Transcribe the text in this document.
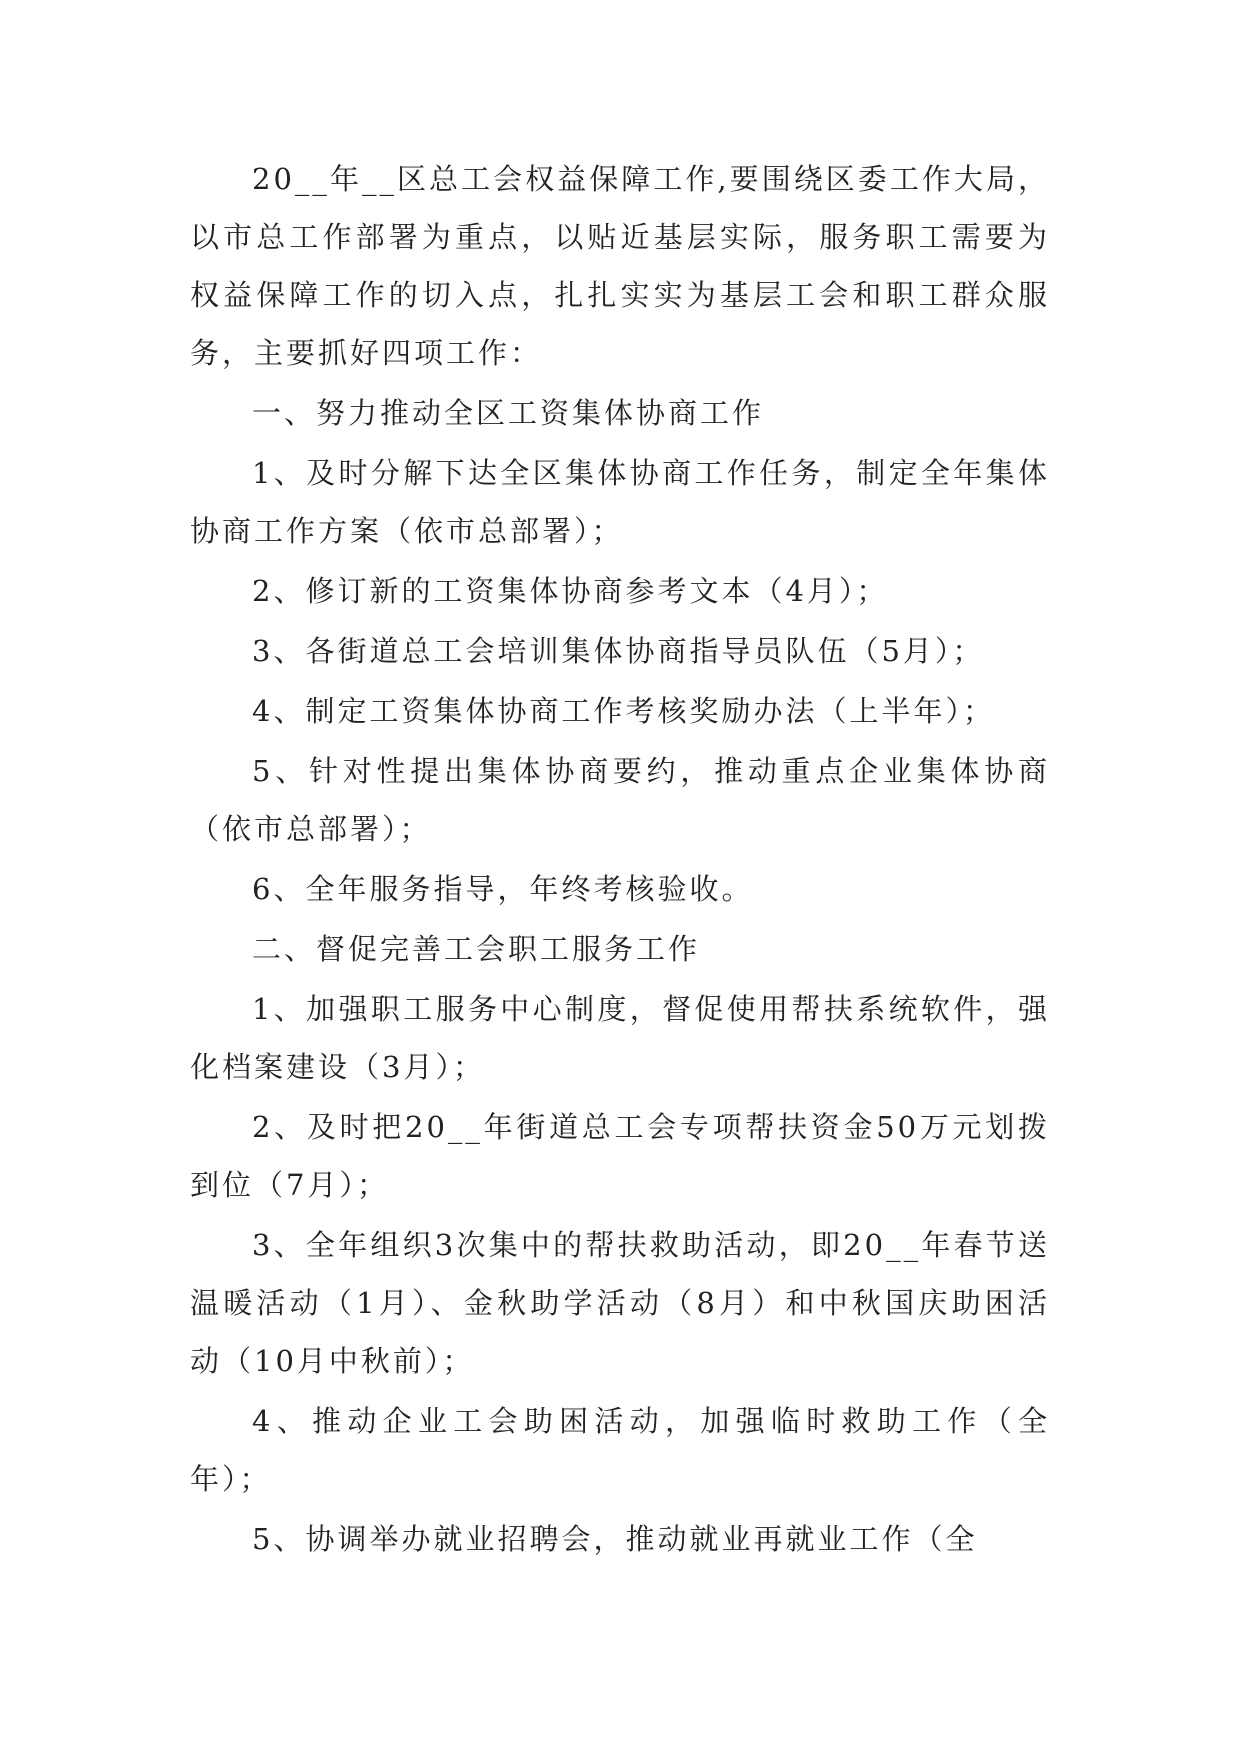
20__年__区总工会权益保障工作,要围绕区委工作大局，以市总工作部署为重点，以贴近基层实际，服务职工需要为权益保障工作的切入点，扎扎实实为基层工会和职工群众服务，主要抓好四项工作：

一、努力推动全区工资集体协商工作

1、及时分解下达全区集体协商工作任务，制定全年集体协商工作方案（依市总部署）；

2、修订新的工资集体协商参考文本（4月）；

3、各街道总工会培训集体协商指导员队伍（5月）；

4、制定工资集体协商工作考核奖励办法（上半年）；

5、针对性提出集体协商要约，推动重点企业集体协商（依市总部署）；

6、全年服务指导，年终考核验收。

二、督促完善工会职工服务工作

1、加强职工服务中心制度，督促使用帮扶系统软件，强化档案建设（3月）；

2、及时把20__年街道总工会专项帮扶资金50万元划拨到位（7月）；

3、全年组织3次集中的帮扶救助活动，即20__年春节送温暖活动（1月）、金秋助学活动（8月）和中秋国庆助困活动（10月中秋前）；

4、推动企业工会助困活动，加强临时救助工作（全年）；

5、协调举办就业招聘会，推动就业再就业工作（全
